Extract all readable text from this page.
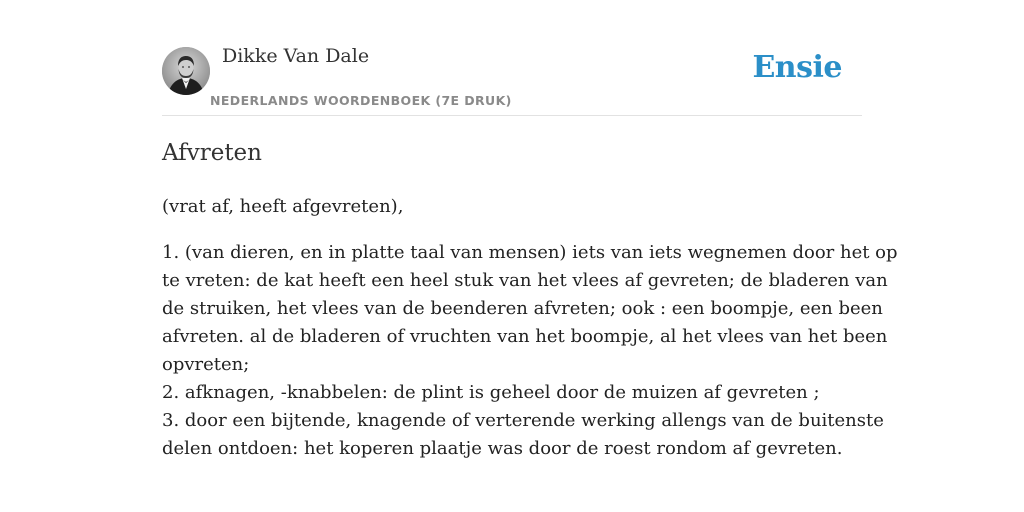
Dikke Van Dale
NEDERLANDS WOORDENBOEK (7E DRUK)
Ensie
Afvreten

(vrat af, heeft afgevreten),

1. (van dieren, en in platte taal van mensen) iets van iets wegnemen door het op
te vreten: de kat heeft een heel stuk van het vlees af gevreten; de bladeren van
de struiken, het vlees van de beenderen afvreten; ook : een boompje, een been
afvreten. al de bladeren of vruchten van het boompje, al het vlees van het been
opvreten;
2. afknagen, -knabbelen: de plint is geheel door de muizen af gevreten ;
3. door een bijtende, knagende of verterende werking allengs van de buitenste
delen ontdoen: het koperen plaatje was door de roest rondom af gevreten.
